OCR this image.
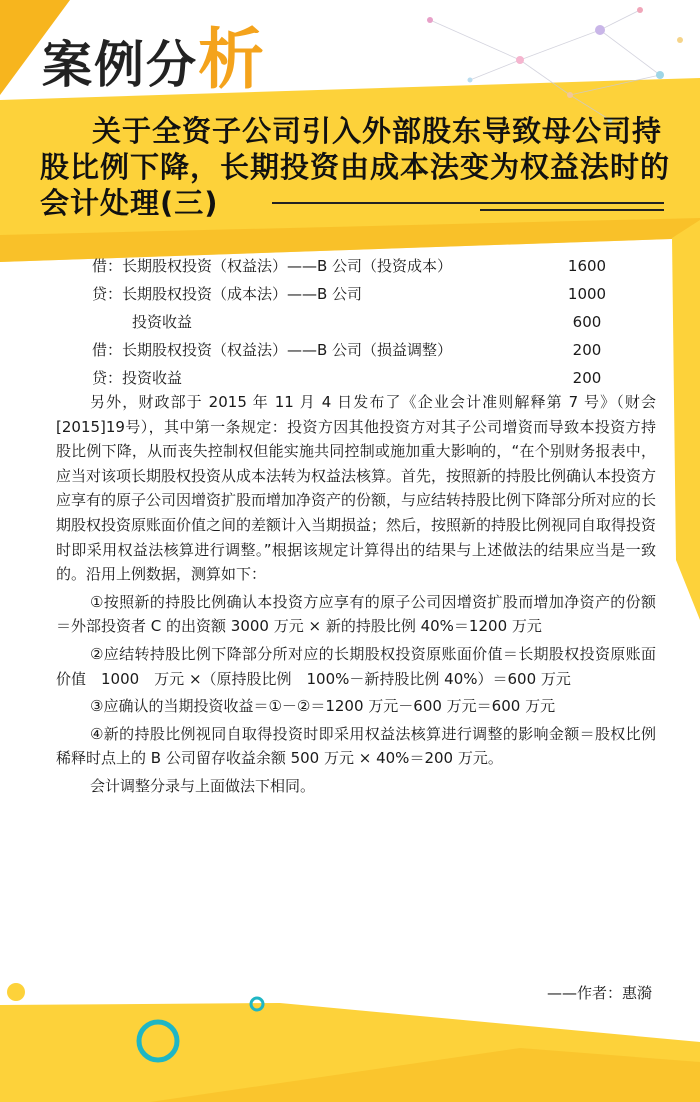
案例分析
关于全资子公司引入外部股东导致母公司持股比例下降，长期投资由成本法变为权益法时的会计处理(三)
借：长期股权投资（权益法）——B 公司（投资成本）	1600
贷：长期股权投资（成本法）——B 公司	1000
投资收益	600
借：长期股权投资（权益法）——B 公司（损益调整）	200
贷：投资收益	200

另外，财政部于 2015 年 11 月 4 日发布了《企业会计准则解释第 7 号》（财会[2015]19号），其中第一条规定：投资方因其他投资方对其子公司增资而导致本投资方持股比例下降，从而丧失控制权但能实施共同控制或施加重大影响的，“在个别财务报表中，应当对该项长期股权投资从成本法转为权益法核算。首先，按照新的持股比例确认本投资方应享有的原子公司因增资扩股而增加净资产的份额，与应结转持股比例下降部分所对应的长期股权投资原账面价值之间的差额计入当期损益；然后，按照新的持股比例视同自取得投资时即采用权益法核算进行调整。”根据该规定计算得出的结果与上述做法的结果应当是一致的。沿用上例数据，测算如下：

①按照新的持股比例确认本投资方应享有的原子公司因增资扩股而增加净资产的份额＝外部投资者 C 的出资额 3000 万元 × 新的持股比例 40%＝1200 万元

②应结转持股比例下降部分所对应的长期股权投资原账面价值＝长期股权投资原账面价值　1000　万元 ×（原持股比例　100%－新持股比例 40%）＝600 万元

③应确认的当期投资收益＝①－②＝1200 万元－600 万元＝600 万元

④新的持股比例视同自取得投资时即采用权益法核算进行调整的影响金额＝股权比例稀释时点上的 B 公司留存收益余额 500 万元 × 40%＝200 万元。

会计调整分录与上面做法下相同。

——作者：惠漪
